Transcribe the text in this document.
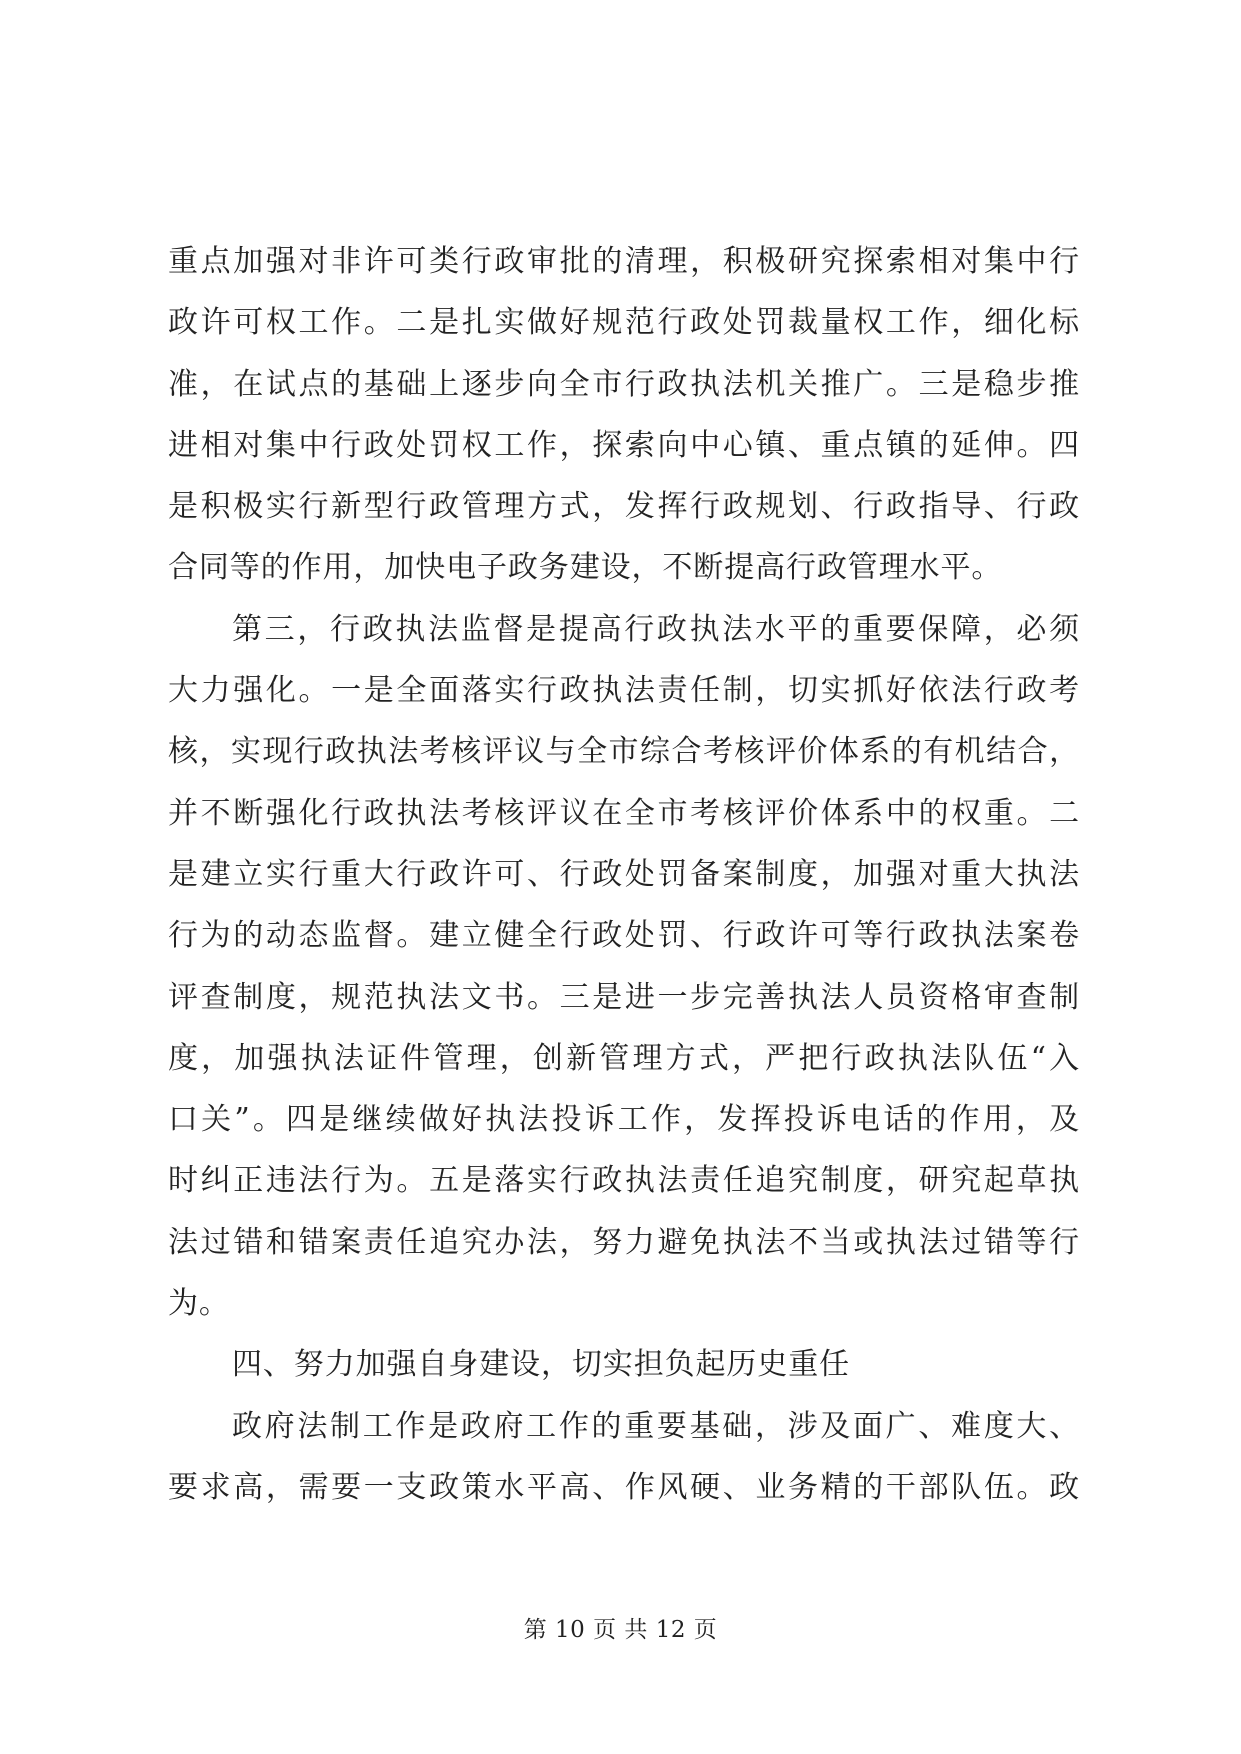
重点加强对非许可类行政审批的清理，积极研究探索相对集中行
政许可权工作。二是扎实做好规范行政处罚裁量权工作，细化标
准，在试点的基础上逐步向全市行政执法机关推广。三是稳步推
进相对集中行政处罚权工作，探索向中心镇、重点镇的延伸。四
是积极实行新型行政管理方式，发挥行政规划、行政指导、行政
合同等的作用，加快电子政务建设，不断提高行政管理水平。
第三，行政执法监督是提高行政执法水平的重要保障，必须
大力强化。一是全面落实行政执法责任制，切实抓好依法行政考
核，实现行政执法考核评议与全市综合考核评价体系的有机结合，
并不断强化行政执法考核评议在全市考核评价体系中的权重。二
是建立实行重大行政许可、行政处罚备案制度，加强对重大执法
行为的动态监督。建立健全行政处罚、行政许可等行政执法案卷
评查制度，规范执法文书。三是进一步完善执法人员资格审查制
度，加强执法证件管理，创新管理方式，严把行政执法队伍“入
口关”。四是继续做好执法投诉工作，发挥投诉电话的作用，及
时纠正违法行为。五是落实行政执法责任追究制度，研究起草执
法过错和错案责任追究办法，努力避免执法不当或执法过错等行
为。
四、努力加强自身建设，切实担负起历史重任
政府法制工作是政府工作的重要基础，涉及面广、难度大、
要求高，需要一支政策水平高、作风硬、业务精的干部队伍。政
第 10 页 共 12 页
